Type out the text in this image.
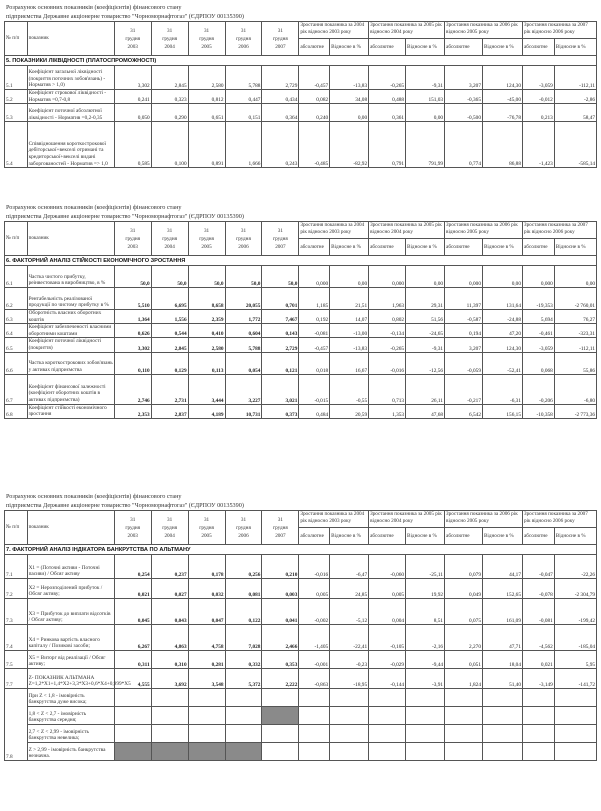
Розрахунок основних показників (коефіцієнтів) фінансового стану
підприємства Державне акціонерне товариство "Чорноморнафтогаз" (ЄДРПОУ 00135390)
№ п/п	показник	31
грудня
2003	31
грудня
2004	31
грудня
2005	31
грудня
2006	31
грудня
2007	Зростання показника за 2004 рік відносно 2003 року		Зростання показника за 2005 рік відносно 2004 року		Зростання показника за 2006 рік відносно 2005 року		Зростання показника за 2007 рік відносно 2006 року	
							абсолютне	Відносне в %	абсолютне	Відносне в %	абсолютне	Відносне в %	абсолютне	Відносне в %
5. ПОКАЗНИКИ ЛІКВІДНОСТІ (ПЛАТОСПРОМОЖНОСТІ)														
5.1	Коефіцієнт загальної ліквідності (покриття поточних зобов'язань) - Норматив > 1,0)	3,302	2,845	2,580	5,788	2,729	-0,457	-13,83	-0,265	-9,31	3,207	124,30	-3,059	-112,11
5.2	Коефіцієнт строкової ліквідності - Норматив =0,7-0,8	0,241	0,323	0,812	0,447	0,434	0,082	34,08	0,488	151,03	-0,365	-45,00	-0,012	-2,86
5.3	Коефіцієнт поточної абсолютної ліквідності - Норматив =0,2-0,35	0,050	0,290	0,651	0,151	0,364	0,240	0,00	0,361	0,00	-0,500	-76,78	0,213	58,47
5.4	Співвідношення короткострокової дебіторської+векселі отримані та кредиторської+векселі видані заборгованостей - Норматив => 1,0	0,585	0,100	0,891	1,666	0,243	-0,485	-82,92	0,791	791,99	0,774	86,88	-1,423	-585,14
Розрахунок основних показників (коефіцієнтів) фінансового стану
підприємства Державне акціонерне товариство "Чорноморнафтогаз" (ЄДРПОУ 00135390)
№ п/п	показник	31
грудня
2003	31
грудня
2004	31
грудня
2005	31
грудня
2006	31
грудня
2007	Зростання показника за 2004 рік відносно 2003 року		Зростання показника за 2005 рік відносно 2004 року		Зростання показника за 2006 рік відносно 2005 року		Зростання показника за 2007 рік відносно 2006 року	
							абсолютне	Відносне в %	абсолютне	Відносне в %	абсолютне	Відносне в %	абсолютне	Відносне в %
6. ФАКТОРНИЙ АНАЛІЗ СТІЙКОСТІ ЕКОНОМІЧНОГО ЗРОСТАННЯ														
6.1	Частка чистого прибутку, реінвестована в виробництво, в %	50,0	50,0	50,0	50,0	50,0	0,000	0,00	0,000	0,00	0,000	0,00	0,000	0,00
6.2	Рентабельність реалізованої продукції по чистому прибутку в %	5,510	6,695	8,658	20,055	0,701	1,185	21,51	1,963	29,31	11,397	131,64	-19,353	-2 760,01
6.3	Оборотність власних оборотних коштів	1,364	1,556	2,359	1,772	7,467	0,192	14,07	0,802	51,56	-0,587	-24,88	5,694	76,27
6.4	Коефіцієнт забезпеченості власними оборотними коштами	0,626	0,544	0,410	0,604	0,143	-0,081	-13,00	-0,134	-24,65	0,194	47,20	-0,461	-323,31
6.5	Коефіцієнт поточної ліквідності (покриття)	3,302	2,845	2,580	5,788	2,729	-0,457	-13,83	-0,265	-9,31	3,207	124,30	-3,059	-112,11
6.6	Частка короткострокових зобов'язань у активах підприємства	0,110	0,129	0,113	0,054	0,121	0,018	16,67	-0,016	-12,56	-0,059	-52,41	0,068	55,86
6.7	Коефіцієнт фінансової залежності (коефіцієнт оборотних коштів в активах підприємства)	2,746	2,731	3,444	3,227	3,021	-0,015	-0,55	0,713	26,11	-0,217	-6,31	-0,206	-6,80
6.8	Коефіцієнт стійкості економічного зростання	2,353	2,837	4,189	10,731	0,373	0,484	20,59	1,353	47,68	6,542	156,15	-10,358	-2 773,36
Розрахунок основних показників (коефіцієнтів) фінансового стану
підприємства Державне акціонерне товариство "Чорноморнафтогаз" (ЄДРПОУ 00135390)
№ п/п	показник	31
грудня
2003	31
грудня
2004	31
грудня
2005	31
грудня
2006	31
грудня
2007	Зростання показника за 2004 рік відносно 2003 року		Зростання показника за 2005 рік відносно 2004 року		Зростання показника за 2006 рік відносно 2005 року		Зростання показника за 2007 рік відносно 2006 року	
							абсолютне	Відносне в %	абсолютне	Відносне в %	абсолютне	Відносне в %	абсолютне	Відносне в %
7. ФАКТОРНИЙ АНАЛІЗ ІНДІКАТОРА БАНКРУТСТВА ПО АЛЬТМАНУ														
7.1	X1 = (Поточні активи - Поточні пасиви) / Обсяг активу	0,254	0,237	0,178	0,256	0,210	-0,016	-6,47	-0,060	-25,11	0,079	44,17	-0,047	-22,26
7.2	X2 = Нерозподілений прибуток / Обсяг активу;	0,021	0,027	0,032	0,081	0,003	0,005	24,85	0,005	19,92	0,049	152,65	-0,078	-2 304,79
7.3	X3 = Прибуток до виплати відсотків / Обсяг активу;	0,045	0,043	0,047	0,122	0,041	-0,002	-5,12	0,004	8,51	0,075	161,09	-0,081	-199,42
7.4	X4 = Ринкова вартість власного капіталу / Позикові засоби;	6,267	4,863	4,758	7,028	2,466	-1,405	-22,41	-0,105	-2,16	2,270	47,71	-4,562	-185,04
7.5	X5 = Виторг від реалізації / Обсяг активу;	0,311	0,310	0,281	0,332	0,353	-0,001	-0,23	-0,029	-9,44	0,051	18,04	0,021	5,95
7.7	Z- ПОКАЗНИК АЛЬТМАНА Z=1,2*X1+1,4*X2+3,3*X3+0,6*X4+0,999*X5	4,555	3,692	3,548	5,372	2,222	-0,863	-18,95	-0,144	-3,91	1,824	51,40	-3,149	-141,72
7.8	При Z < 1,8 - імовірність банкрутства дуже висока;													
	1,8 < Z < 2,7 - імовірність банкрутства середня;													
	2,7 < Z < 2,99 - імовірність банкрутства невелика;													
	Z > 2,99 - імовірність банкрутства незначна.													
